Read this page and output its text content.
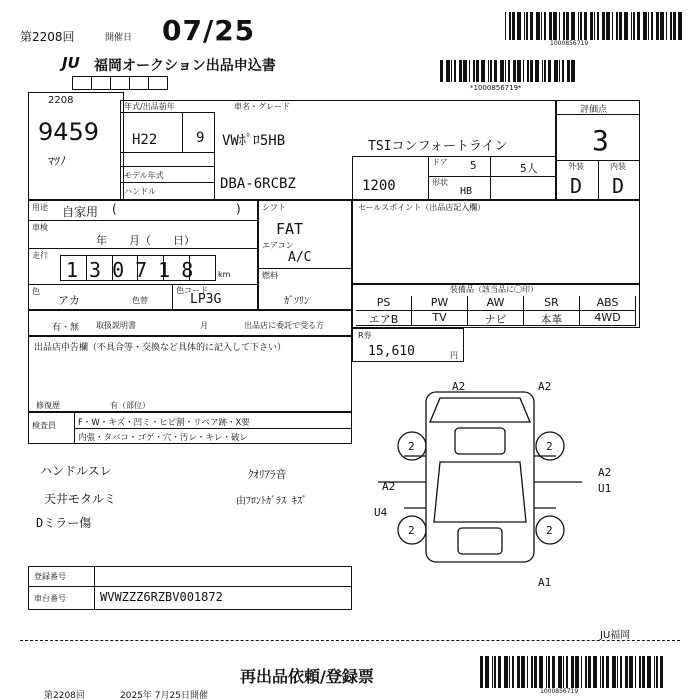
第2208回	開催日 07/25	1000856719
JU 福岡オークション出品申込書
*1000856719*
2208
9459
ﾏﾂﾉ
年式/出品前年	車名・グレード
H22	9 VWﾎﾟﾛ5HB	TSIコンフォートライン
モデル年式
ハンドル	DBA-6RCBZ	1200
ドア 5	5人
形状
HB
評価点
3
外装	内装
D D
用途 自家用 (	)
車検
年　　月（　　日）
走行
130718 km
色
アカ	色替
色コード
LP3G
シフト
FAT
エアコン
A/C
燃料
ｶﾞｿﾘﾝ
セールスポイント（出品店記入欄）
有・無 取扱説明書	月	出品店に委託で受る方
装備品（該当品に〇印）
PS	PW	AW	SR	ABS
エアB	TV	ナビ	本革	4WD
R券
15,610	円
出品店申告欄（不具合等・交換など具体的に記入して下さい）
修復歴	有（部位）
検査員	F・W・キズ・凹ミ・ヒビ割・リペア跡・X要
内張・タバコ・ゴゲ・穴・汚レ・キレ・破レ
ハンドルスレ
天井モタルミ
Dミラー傷
ｸｵﾘｱﾗ音
由ﾌﾛﾝﾄｶﾞﾗｽ ｷｽﾞ
登録番号
車台番号	WVWZZZ6RZBV001872
A2	A2
2	2
2	2
A2
A2
U1
U4
A1
JU福岡
再出品依頼/登録票
1000856719
第2208回	2025年 7月25日開催
